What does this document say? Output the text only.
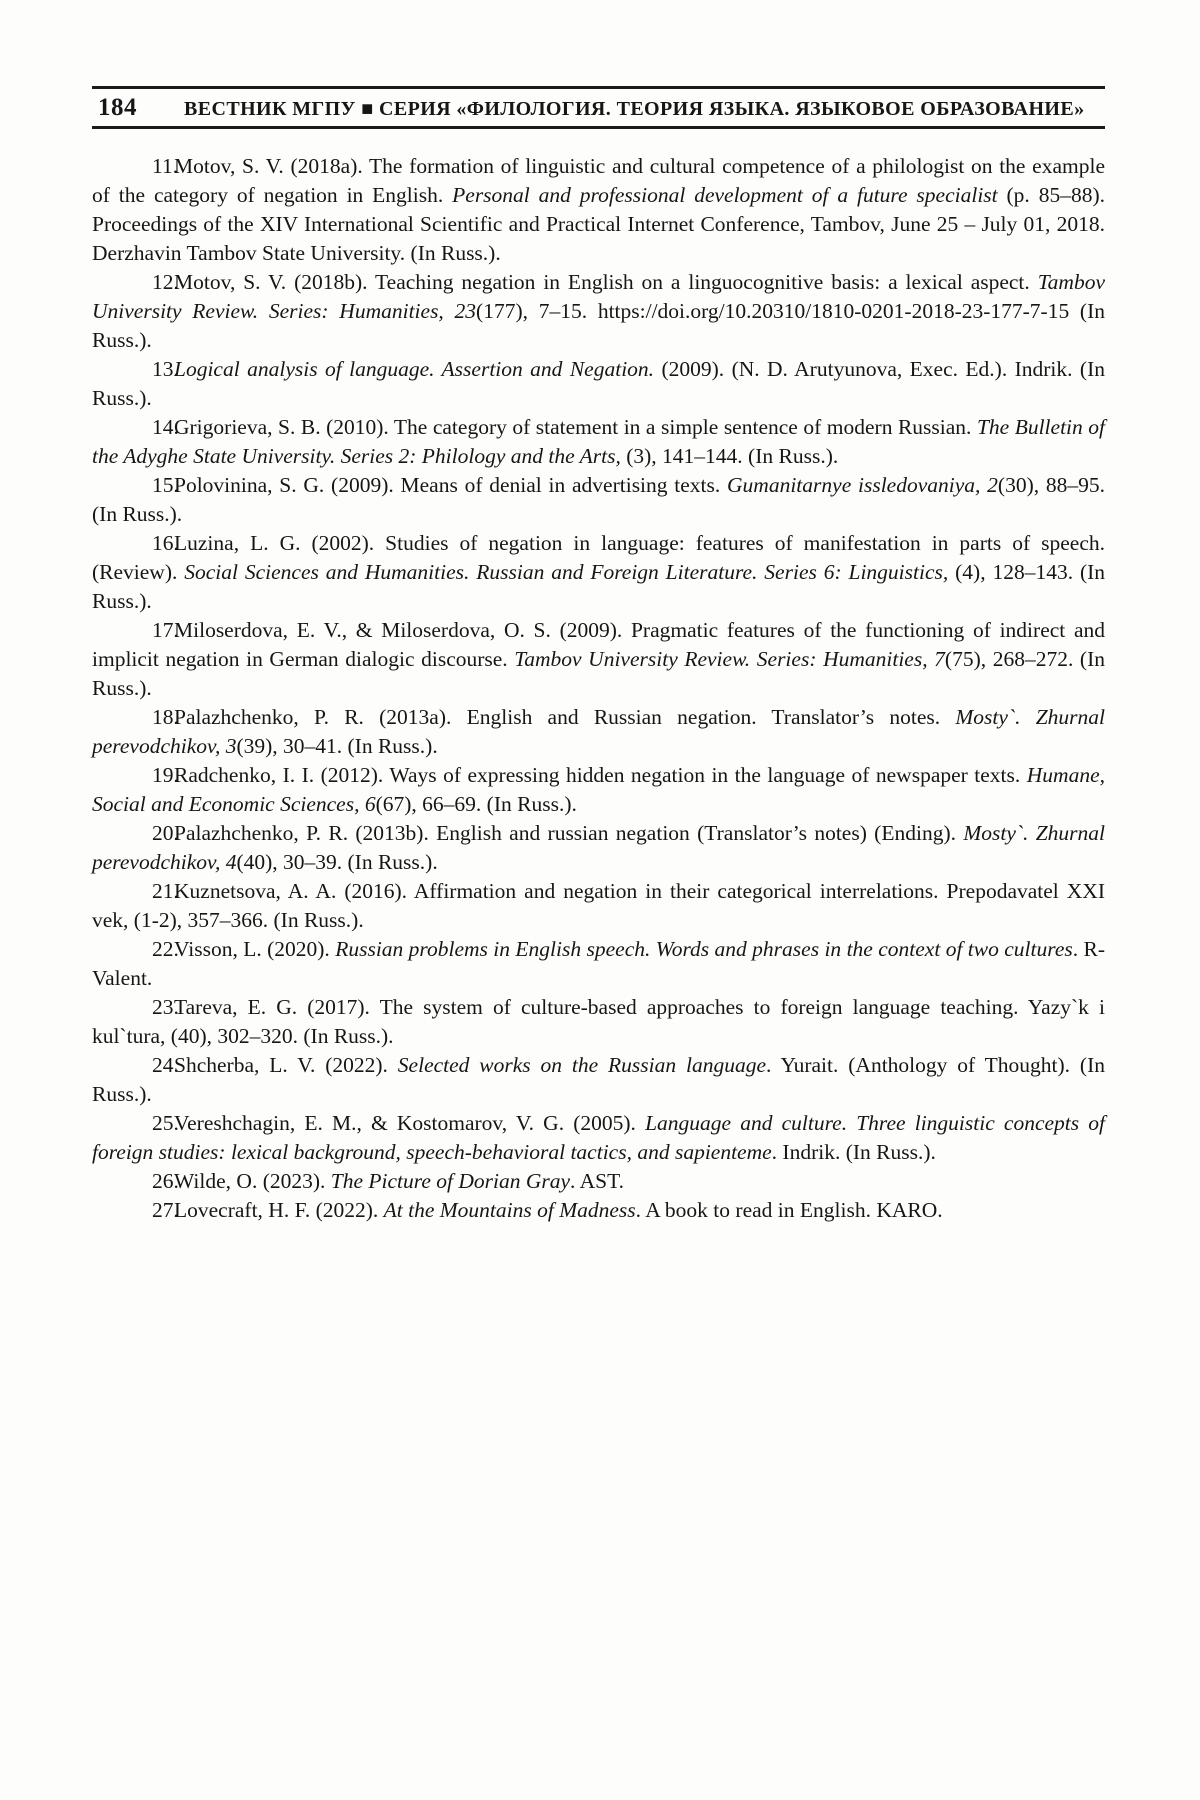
184	ВЕСТНИК МГПУ ■ СЕРИЯ «ФИЛОЛОГИЯ. ТЕОРИЯ ЯЗЫКА. ЯЗЫКОВОЕ ОБРАЗОВАНИЕ»

11.Motov, S. V. (2018a). The formation of linguistic and cultural competence of a philologist on the example of the category of negation in English. Personal and professional development of a future specialist (p. 85–88). Proceedings of the XIV International Scientific and Practical Internet Conference, Tambov, June 25 – July 01, 2018. Derzhavin Tambov State University. (In Russ.).

12.Motov, S. V. (2018b). Teaching negation in English on a linguocognitive basis: a lexical aspect. Tambov University Review. Series: Humanities, 23(177), 7–15. https://doi.org/10.20310/1810-0201-2018-23-177-7-15 (In Russ.).

13.Logical analysis of language. Assertion and Negation. (2009). (N. D. Arutyunova, Exec. Ed.). Indrik. (In Russ.).

14.Grigorieva, S. B. (2010). The category of statement in a simple sentence of modern Russian. The Bulletin of the Adyghe State University. Series 2: Philology and the Arts, (3), 141–144. (In Russ.).

15.Polovinina, S. G. (2009). Means of denial in advertising texts. Gumanitarnye issledovaniya, 2(30), 88–95. (In Russ.).

16.Luzina, L. G. (2002). Studies of negation in language: features of manifestation in parts of speech. (Review). Social Sciences and Humanities. Russian and Foreign Literature. Series 6: Linguistics, (4), 128–143. (In Russ.).

17.Miloserdova, E. V., & Miloserdova, O. S. (2009). Pragmatic features of the functioning of indirect and implicit negation in German dialogic discourse. Tambov University Review. Series: Humanities, 7(75), 268–272. (In Russ.).

18.Palazhchenko, P. R. (2013a). English and Russian negation. Translator’s notes. Mosty`. Zhurnal perevodchikov, 3(39), 30–41. (In Russ.).

19.Radchenko, I. I. (2012). Ways of expressing hidden negation in the language of newspaper texts. Humane, Social and Economic Sciences, 6(67), 66–69. (In Russ.).

20.Palazhchenko, P. R. (2013b). English and russian negation (Translator’s notes) (Ending). Mosty`. Zhurnal perevodchikov, 4(40), 30–39. (In Russ.).

21.Kuznetsova, A. A. (2016). Affirmation and negation in their categorical interrelations. Prepodavatel XXI vek, (1-2), 357–366. (In Russ.).

22.Visson, L. (2020). Russian problems in English speech. Words and phrases in the context of two cultures. R-Valent.

23.Tareva, E. G. (2017). The system of culture-based approaches to foreign language teaching. Yazy`k i kul`tura, (40), 302–320. (In Russ.).

24.Shcherba, L. V. (2022). Selected works on the Russian language. Yurait. (Anthology of Thought). (In Russ.).

25.Vereshchagin, E. M., & Kostomarov, V. G. (2005). Language and culture. Three linguistic concepts of foreign studies: lexical background, speech-behavioral tactics, and sapienteme. Indrik. (In Russ.).

26.Wilde, O. (2023). The Picture of Dorian Gray. AST.

27.Lovecraft, H. F. (2022). At the Mountains of Madness. A book to read in English. KARO.
